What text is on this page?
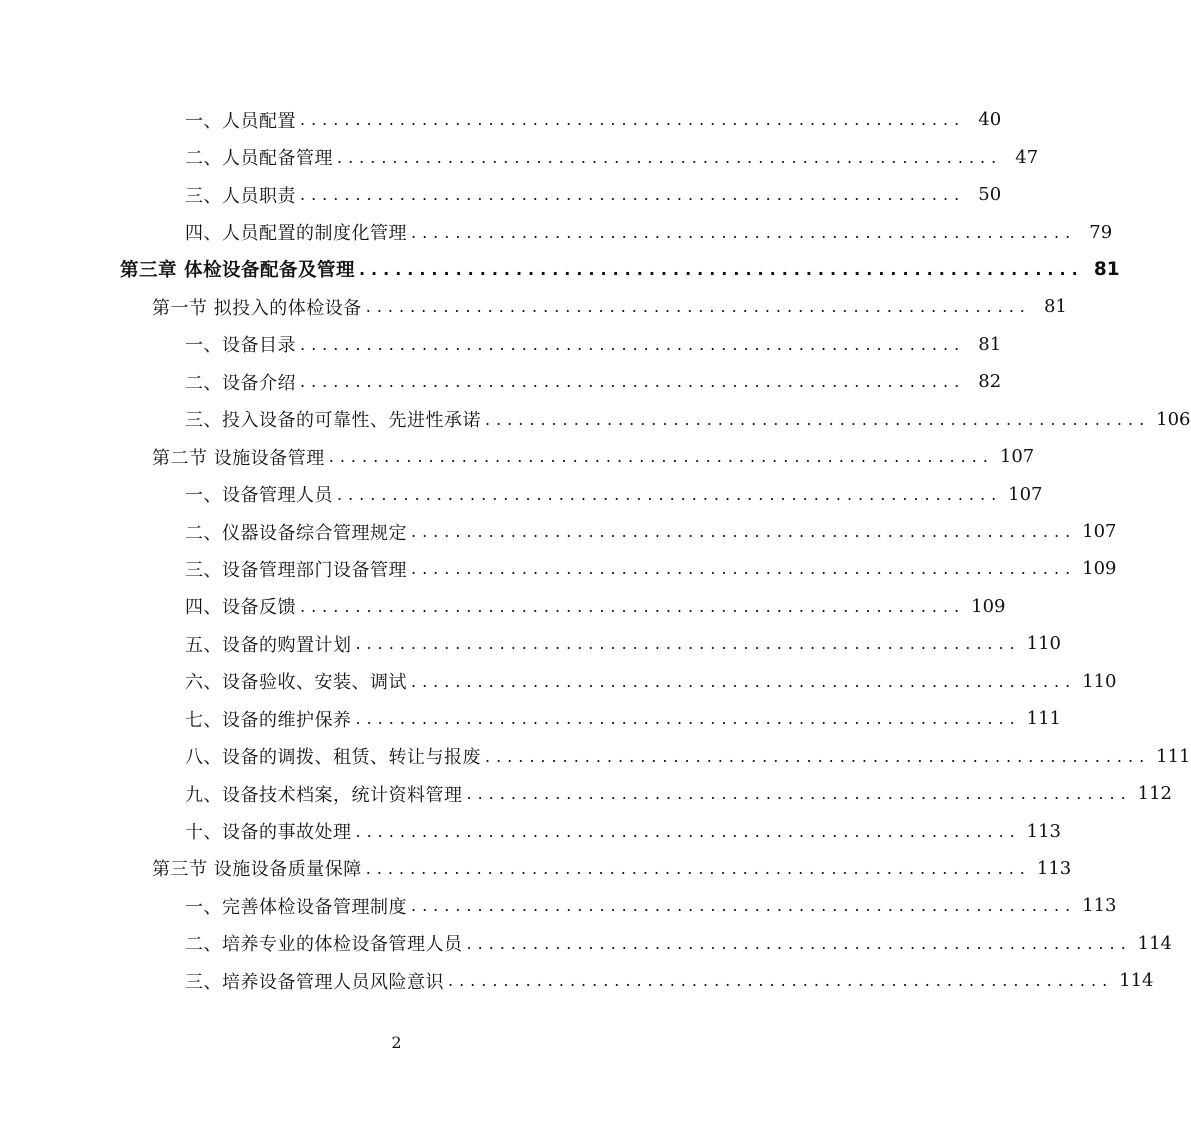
一、人员配置 ............................................................ 40
二、人员配备管理 ............................................................ 47
三、人员职责 ............................................................ 50
四、人员配置的制度化管理 ............................................................ 79
第三章 体检设备配备及管理 ............................................................ 81
第一节 拟投入的体检设备 ............................................................ 81
一、设备目录 ............................................................ 81
二、设备介绍 ............................................................ 82
三、投入设备的可靠性、先进性承诺 ............................................................ 106
第二节 设施设备管理 ............................................................ 107
一、设备管理人员 ............................................................ 107
二、仪器设备综合管理规定 ............................................................ 107
三、设备管理部门设备管理 ............................................................ 109
四、设备反馈 ............................................................ 109
五、设备的购置计划 ............................................................ 110
六、设备验收、安装、调试 ............................................................ 110
七、设备的维护保养 ............................................................ 111
八、设备的调拨、租赁、转让与报废 ............................................................ 111
九、设备技术档案，统计资料管理 ............................................................ 112
十、设备的事故处理 ............................................................ 113
第三节 设施设备质量保障 ............................................................ 113
一、完善体检设备管理制度 ............................................................ 113
二、培养专业的体检设备管理人员 ............................................................ 114
三、培养设备管理人员风险意识 ............................................................ 114
2
